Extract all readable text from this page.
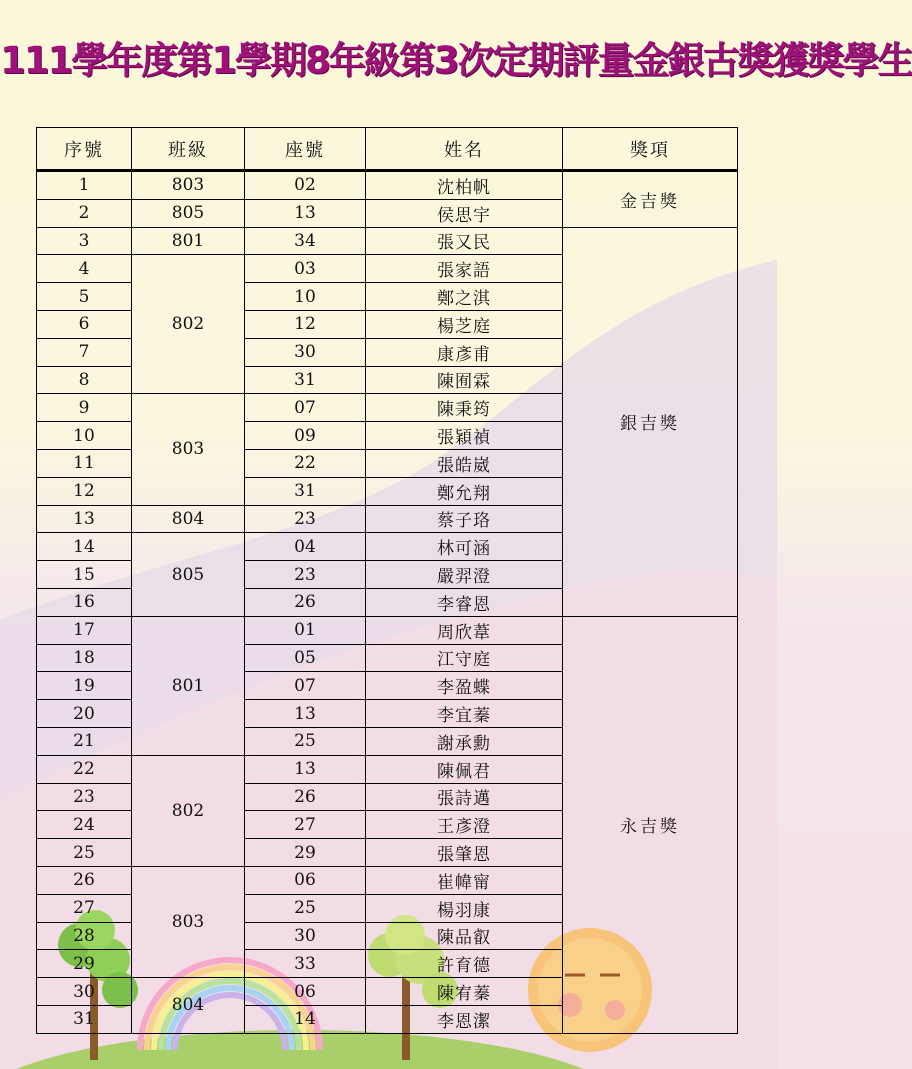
111學年度第1學期8年級第3次定期評量金銀古獎獲獎學生
序號	班級	座號	姓名	獎項

1	803	02	沈柏帆	金吉獎
2	805	13	侯思宇	
3	801	34	張又民	銀吉獎
4	802	03	張家語	
5		10	鄭之淇	
6		12	楊芝庭	
7		30	康彥甫	
8		31	陳囿霖	
9	803	07	陳秉筠	
10		09	張穎禎	
11		22	張皓崴	
12		31	鄭允翔	
13	804	23	蔡子珞	
14	805	04	林可涵	
15		23	嚴羿澄	
16		26	李睿恩	
17	801	01	周欣葦	永吉獎
18		05	江守庭	
19		07	李盈蝶	
20		13	李宜蓁	
21		25	謝承勳	
22	802	13	陳佩君	
23		26	張詩邁	
24		27	王彥澄	
25		29	張肇恩	
26	803	06	崔幃甯	
27		25	楊羽康	
28		30	陳品叡	
29		33	許育德	
30	804	06	陳宥蓁	
31		14	李恩潔	
